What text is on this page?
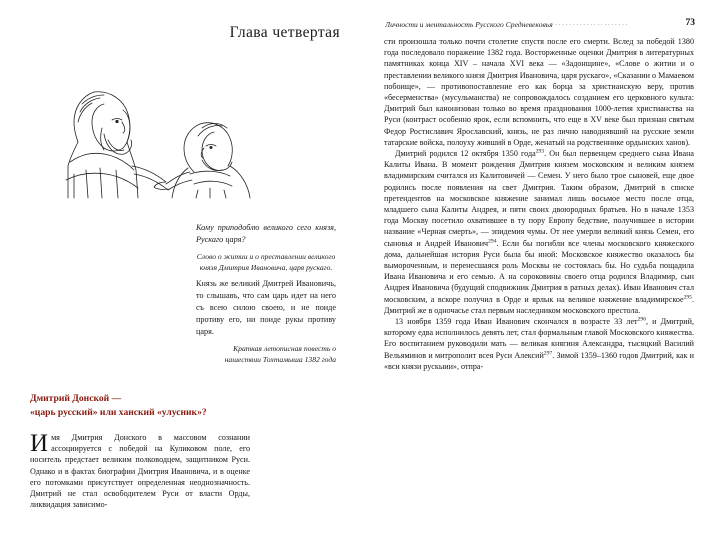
Глава четвертая
Кому приподоблю великого сего князя, Рускаго царя?
Слово о житии и о преставлении великого князя Дмитрия Ивановича, царя рускаго.
Князь же великий Дмитрей Ивановичь, то слышавъ, что сам царь идет на него съ всею силою своею, и не поиде противу его, ни поиде рукы противу царя.
Краткая летописная повесть о нашествии Тохтамыша 1382 года
Дмитрий Донской —
«царь русский» или ханский «улусник»?
Имя Дмитрия Донского в массовом сознании ассоциируется с победой на Куликовом поле, его носитель предстает великим полководцем, защитником Руси. Однако и в фактах биографии Дмитрия Ивановича, и в оценке его потомками присутствует определенная неоднозначность. Дмитрий не стал освободителем Руси от власти Орды, ликвидация зависимо-
Личности и ментальность Русского Средневековья ·····················	73

сти произошла только почти столетие спустя после его смерти. Вслед за победой 1380 года последовало поражение 1382 года. Восторженные оценки Дмитрия в литературных памятниках конца XIV – начала XVI века — «Задонщине», «Слове о житии и о преставлении великого князя Дмитрия Ивановича, царя рускаго», «Сказании о Мамаевом побоище», — противопоставление его как борца за христианскую веру, против «бесерменства» (мусульманства) не сопровождалось созданием его церковного культа: Дмитрий был канонизован только во время празднования 1000-летия христианства на Руси (контраст особенно ярок, если вспомнить, что еще в XV веке был признан святым Федор Ростиславич Ярославский, князь, не раз лично наводнявший на русские земли татарские войска, полоуху живший в Орде, женатый на родственнике ордынских ханов).

Дмитрий родился 12 октября 1350 года$^{293}$. Он был первенцем среднего сына Ивана Калиты Ивана. В момент рождения Дмитрия князем московским и великим князем владимирским считался из Калитовичей — Семен. У него было трое сыновей, еще двое родились после появления на свет Дмитрия. Таким образом, Дмитрий в списке претендентов на московское княжение занимал лишь восьмое место после отца, младшего сына Калиты Андрея, и пяти своих двоюродных братьев. Но в начале 1353 года Москву посетило охватившее в ту пору Европу бедствие, получившее в истории название «Черная смерть», — эпидемия чумы. От нее умерли великий князь Семен, его сыновья и Андрей Иванович$^{294}$. Если бы погибли все члены московского княжеского дома, дальнейшая история Руси была бы иной: Московское княжество оказалось бы вымороченным, и перенесшаяся роль Москвы не состоялась бы. Но судьба пощадила Ивана Ивановича и его семью. А на сороковины своего отца родился Владимир, сын Андрея Ивановича (будущий сподвижник Дмитрия в ратных делах). Иван Иванович стал московским, а вскоре получил в Орде и ярлык на великое княжение владимирское$^{295}$. Дмитрий же в одночасье стал первым наследником московского престола.

13 ноября 1359 года Иван Иванович скончался в возрасте 33 лет$^{296}$, и Дмитрий, которому едва исполнилось девять лет, стал формальным главой Московского княжества. Его воспитанием руководили мать — великая княгиня Александра, тысяцкий Василий Вельяминов и митрополит всея Руси Алексий$^{297}$. Зимой 1359–1360 годов Дмитрий, как и «вси князи рускыии», отпра-
